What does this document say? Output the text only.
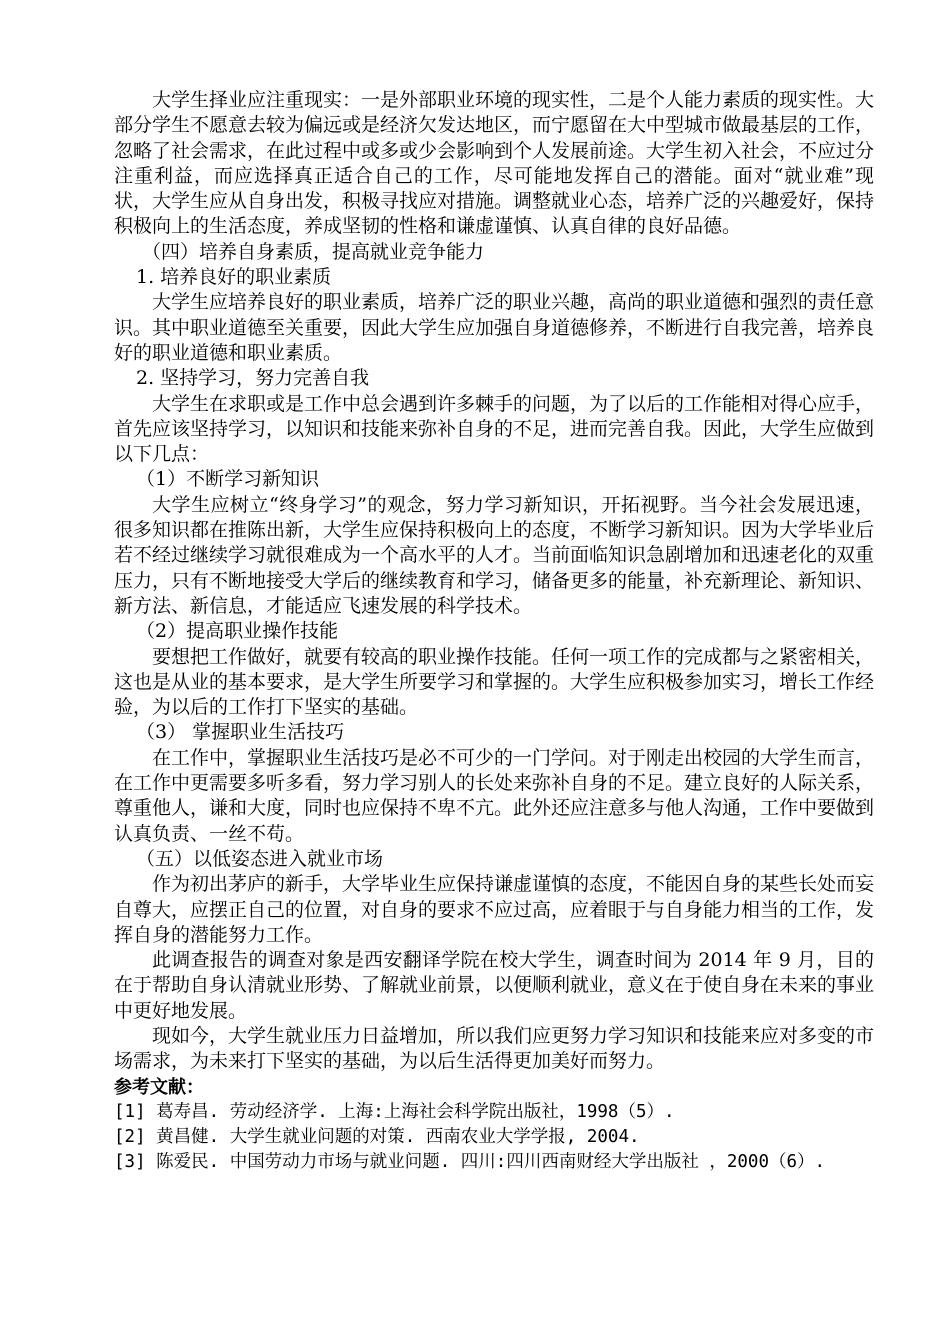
大学生择业应注重现实：一是外部职业环境的现实性，二是个人能力素质的现实性。大部分学生不愿意去较为偏远或是经济欠发达地区，而宁愿留在大中型城市做最基层的工作，忽略了社会需求，在此过程中或多或少会影响到个人发展前途。大学生初入社会，不应过分注重利益，而应选择真正适合自己的工作，尽可能地发挥自己的潜能。面对“就业难”现状，大学生应从自身出发，积极寻找应对措施。调整就业心态，培养广泛的兴趣爱好，保持积极向上的生活态度，养成坚韧的性格和谦虚谨慎、认真自律的良好品德。

（四）培养自身素质，提高就业竞争能力

1. 培养良好的职业素质

大学生应培养良好的职业素质，培养广泛的职业兴趣，高尚的职业道德和强烈的责任意识。其中职业道德至关重要，因此大学生应加强自身道德修养，不断进行自我完善，培养良好的职业道德和职业素质。

2. 坚持学习，努力完善自我

大学生在求职或是工作中总会遇到许多棘手的问题，为了以后的工作能相对得心应手，首先应该坚持学习，以知识和技能来弥补自身的不足，进而完善自我。因此，大学生应做到以下几点：

（1）不断学习新知识

大学生应树立“终身学习”的观念，努力学习新知识，开拓视野。当今社会发展迅速，很多知识都在推陈出新，大学生应保持积极向上的态度，不断学习新知识。因为大学毕业后若不经过继续学习就很难成为一个高水平的人才。当前面临知识急剧增加和迅速老化的双重压力，只有不断地接受大学后的继续教育和学习，储备更多的能量，补充新理论、新知识、新方法、新信息，才能适应飞速发展的科学技术。

（2）提高职业操作技能

要想把工作做好，就要有较高的职业操作技能。任何一项工作的完成都与之紧密相关，这也是从业的基本要求，是大学生所要学习和掌握的。大学生应积极参加实习，增长工作经验，为以后的工作打下坚实的基础。

（3） 掌握职业生活技巧

在工作中，掌握职业生活技巧是必不可少的一门学问。对于刚走出校园的大学生而言，在工作中更需要多听多看，努力学习别人的长处来弥补自身的不足。建立良好的人际关系，尊重他人，谦和大度，同时也应保持不卑不亢。此外还应注意多与他人沟通，工作中要做到认真负责、一丝不苟。

（五）以低姿态进入就业市场

作为初出茅庐的新手，大学毕业生应保持谦虚谨慎的态度，不能因自身的某些长处而妄自尊大，应摆正自己的位置，对自身的要求不应过高，应着眼于与自身能力相当的工作，发挥自身的潜能努力工作。

此调查报告的调查对象是西安翻译学院在校大学生，调查时间为 2014 年 9 月，目的在于帮助自身认清就业形势、了解就业前景，以便顺利就业，意义在于使自身在未来的事业中更好地发展。

现如今，大学生就业压力日益增加，所以我们应更努力学习知识和技能来应对多变的市场需求，为未来打下坚实的基础，为以后生活得更加美好而努力。

参考文献：

[1] 葛寿昌. 劳动经济学. 上海:上海社会科学院出版社，1998（5）.

[2] 黄昌健. 大学生就业问题的对策. 西南农业大学学报, 2004.

[3] 陈爱民. 中国劳动力市场与就业问题. 四川:四川西南财经大学出版社 ，2000（6）.
